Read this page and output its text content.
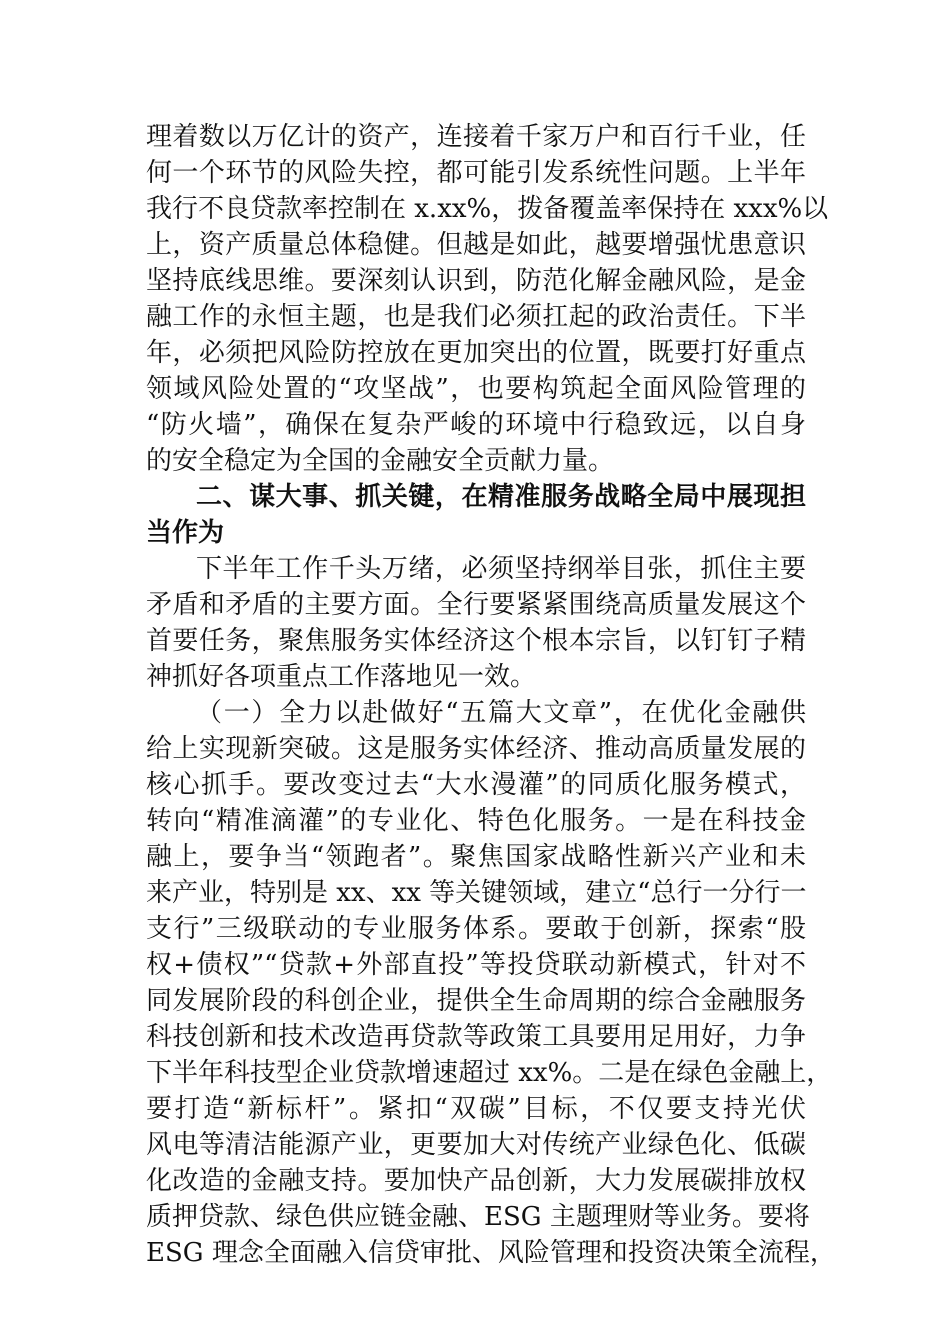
理着数以万亿计的资产，连接着千家万户和百行千业，任
何一个环节的风险失控，都可能引发系统性问题。上半年
我行不良贷款率控制在 x.xx%，拨备覆盖率保持在 xxx%以
上，资产质量总体稳健。但越是如此，越要增强忧患意识
坚持底线思维。要深刻认识到，防范化解金融风险，是金
融工作的永恒主题，也是我们必须扛起的政治责任。下半
年，必须把风险防控放在更加突出的位置，既要打好重点
领域风险处置的“攻坚战”，也要构筑起全面风险管理的
“防火墙”，确保在复杂严峻的环境中行稳致远，以自身
的安全稳定为全国的金融安全贡献力量。
二、谋大事、抓关键，在精准服务战略全局中展现担
当作为
下半年工作千头万绪，必须坚持纲举目张，抓住主要
矛盾和矛盾的主要方面。全行要紧紧围绕高质量发展这个
首要任务，聚焦服务实体经济这个根本宗旨，以钉钉子精
神抓好各项重点工作落地见一效。
（一）全力以赴做好“五篇大文章”，在优化金融供
给上实现新突破。这是服务实体经济、推动高质量发展的
核心抓手。要改变过去“大水漫灌”的同质化服务模式，
转向“精准滴灌”的专业化、特色化服务。一是在科技金
融上，要争当“领跑者”。聚焦国家战略性新兴产业和未
来产业，特别是 xx、xx 等关键领域，建立“总行一分行一
支行”三级联动的专业服务体系。要敢于创新，探索“股
权+债权”“贷款+外部直投”等投贷联动新模式，针对不
同发展阶段的科创企业，提供全生命周期的综合金融服务
科技创新和技术改造再贷款等政策工具要用足用好，力争
下半年科技型企业贷款增速超过 xx%。二是在绿色金融上，
要打造“新标杆”。紧扣“双碳”目标，不仅要支持光伏
风电等清洁能源产业，更要加大对传统产业绿色化、低碳
化改造的金融支持。要加快产品创新，大力发展碳排放权
质押贷款、绿色供应链金融、ESG 主题理财等业务。要将
ESG 理念全面融入信贷审批、风险管理和投资决策全流程，
